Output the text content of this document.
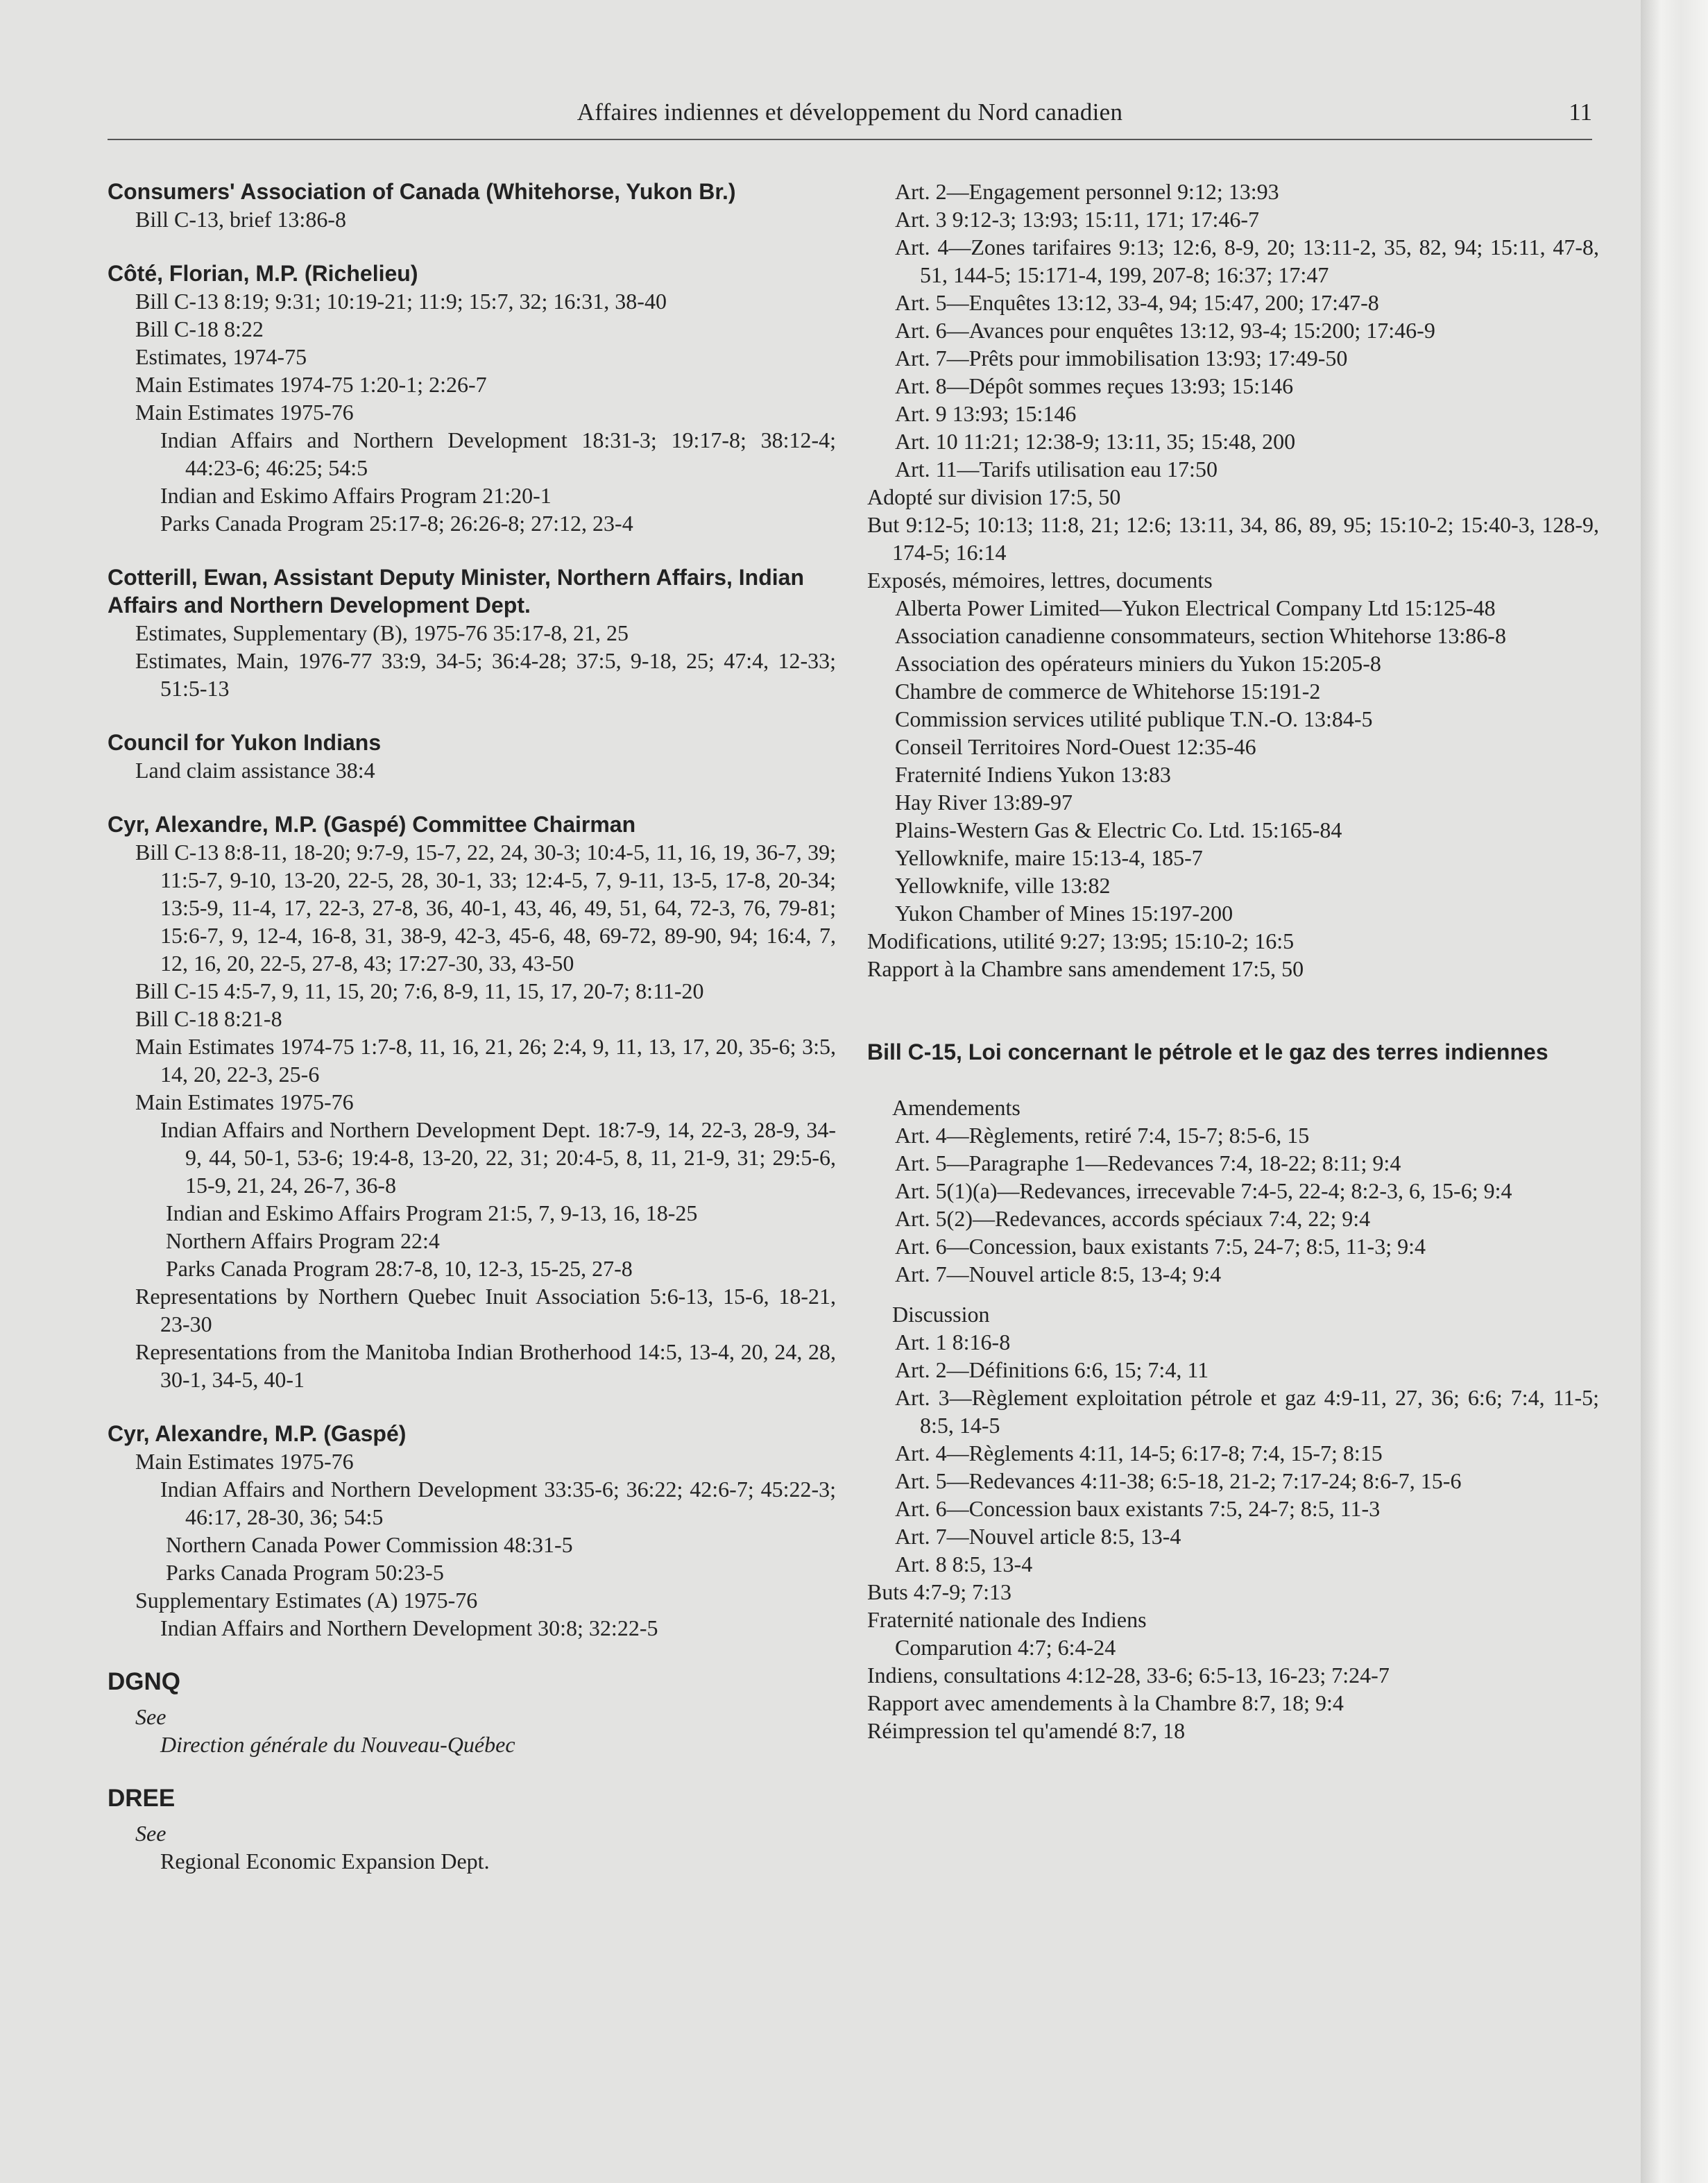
Affaires indiennes et développement du Nord canadien	11
Consumers' Association of Canada (Whitehorse, Yukon Br.)
Bill C-13, brief 13:86-8
Côté, Florian, M.P. (Richelieu)
Bill C-13 8:19; 9:31; 10:19-21; 11:9; 15:7, 32; 16:31, 38-40
Bill C-18 8:22
Estimates, 1974-75
Main Estimates 1974-75 1:20-1; 2:26-7
Main Estimates 1975-76
Indian Affairs and Northern Development 18:31-3; 19:17-8; 38:12-4; 44:23-6; 46:25; 54:5
Indian and Eskimo Affairs Program 21:20-1
Parks Canada Program 25:17-8; 26:26-8; 27:12, 23-4
Cotterill, Ewan, Assistant Deputy Minister, Northern Affairs, Indian Affairs and Northern Development Dept.
Estimates, Supplementary (B), 1975-76 35:17-8, 21, 25
Estimates, Main, 1976-77 33:9, 34-5; 36:4-28; 37:5, 9-18, 25; 47:4, 12-33; 51:5-13
Council for Yukon Indians
Land claim assistance 38:4
Cyr, Alexandre, M.P. (Gaspé) Committee Chairman
Bill C-13 8:8-11, 18-20; 9:7-9, 15-7, 22, 24, 30-3; 10:4-5, 11, 16, 19, 36-7, 39; 11:5-7, 9-10, 13-20, 22-5, 28, 30-1, 33; 12:4-5, 7, 9-11, 13-5, 17-8, 20-34; 13:5-9, 11-4, 17, 22-3, 27-8, 36, 40-1, 43, 46, 49, 51, 64, 72-3, 76, 79-81; 15:6-7, 9, 12-4, 16-8, 31, 38-9, 42-3, 45-6, 48, 69-72, 89-90, 94; 16:4, 7, 12, 16, 20, 22-5, 27-8, 43; 17:27-30, 33, 43-50
Bill C-15 4:5-7, 9, 11, 15, 20; 7:6, 8-9, 11, 15, 17, 20-7; 8:11-20
Bill C-18 8:21-8
Main Estimates 1974-75 1:7-8, 11, 16, 21, 26; 2:4, 9, 11, 13, 17, 20, 35-6; 3:5, 14, 20, 22-3, 25-6
Main Estimates 1975-76
Indian Affairs and Northern Development Dept. 18:7-9, 14, 22-3, 28-9, 34-9, 44, 50-1, 53-6; 19:4-8, 13-20, 22, 31; 20:4-5, 8, 11, 21-9, 31; 29:5-6, 15-9, 21, 24, 26-7, 36-8
Indian and Eskimo Affairs Program 21:5, 7, 9-13, 16, 18-25
Northern Affairs Program 22:4
Parks Canada Program 28:7-8, 10, 12-3, 15-25, 27-8
Representations by Northern Quebec Inuit Association 5:6-13, 15-6, 18-21, 23-30
Representations from the Manitoba Indian Brotherhood 14:5, 13-4, 20, 24, 28, 30-1, 34-5, 40-1
Cyr, Alexandre, M.P. (Gaspé)
Main Estimates 1975-76
Indian Affairs and Northern Development 33:35-6; 36:22; 42:6-7; 45:22-3; 46:17, 28-30, 36; 54:5
Northern Canada Power Commission 48:31-5
Parks Canada Program 50:23-5
Supplementary Estimates (A) 1975-76
Indian Affairs and Northern Development 30:8; 32:22-5
DGNQ
See
Direction générale du Nouveau-Québec
DREE
See
Regional Economic Expansion Dept.
Art. 2—Engagement personnel 9:12; 13:93
Art. 3 9:12-3; 13:93; 15:11, 171; 17:46-7
Art. 4—Zones tarifaires 9:13; 12:6, 8-9, 20; 13:11-2, 35, 82, 94; 15:11, 47-8, 51, 144-5; 15:171-4, 199, 207-8; 16:37; 17:47
Art. 5—Enquêtes 13:12, 33-4, 94; 15:47, 200; 17:47-8
Art. 6—Avances pour enquêtes 13:12, 93-4; 15:200; 17:46-9
Art. 7—Prêts pour immobilisation 13:93; 17:49-50
Art. 8—Dépôt sommes reçues 13:93; 15:146
Art. 9 13:93; 15:146
Art. 10 11:21; 12:38-9; 13:11, 35; 15:48, 200
Art. 11—Tarifs utilisation eau 17:50
Adopté sur division 17:5, 50
But 9:12-5; 10:13; 11:8, 21; 12:6; 13:11, 34, 86, 89, 95; 15:10-2; 15:40-3, 128-9, 174-5; 16:14
Exposés, mémoires, lettres, documents
Alberta Power Limited—Yukon Electrical Company Ltd 15:125-48
Association canadienne consommateurs, section Whitehorse 13:86-8
Association des opérateurs miniers du Yukon 15:205-8
Chambre de commerce de Whitehorse 15:191-2
Commission services utilité publique T.N.-O. 13:84-5
Conseil Territoires Nord-Ouest 12:35-46
Fraternité Indiens Yukon 13:83
Hay River 13:89-97
Plains-Western Gas & Electric Co. Ltd. 15:165-84
Yellowknife, maire 15:13-4, 185-7
Yellowknife, ville 13:82
Yukon Chamber of Mines 15:197-200
Modifications, utilité 9:27; 13:95; 15:10-2; 16:5
Rapport à la Chambre sans amendement 17:5, 50
Bill C-15, Loi concernant le pétrole et le gaz des terres indiennes
Amendements
Art. 4—Règlements, retiré 7:4, 15-7; 8:5-6, 15
Art. 5—Paragraphe 1—Redevances 7:4, 18-22; 8:11; 9:4
Art. 5(1)(a)—Redevances, irrecevable 7:4-5, 22-4; 8:2-3, 6, 15-6; 9:4
Art. 5(2)—Redevances, accords spéciaux 7:4, 22; 9:4
Art. 6—Concession, baux existants 7:5, 24-7; 8:5, 11-3; 9:4
Art. 7—Nouvel article 8:5, 13-4; 9:4
Discussion
Art. 1 8:16-8
Art. 2—Définitions 6:6, 15; 7:4, 11
Art. 3—Règlement exploitation pétrole et gaz 4:9-11, 27, 36; 6:6; 7:4, 11-5; 8:5, 14-5
Art. 4—Règlements 4:11, 14-5; 6:17-8; 7:4, 15-7; 8:15
Art. 5—Redevances 4:11-38; 6:5-18, 21-2; 7:17-24; 8:6-7, 15-6
Art. 6—Concession baux existants 7:5, 24-7; 8:5, 11-3
Art. 7—Nouvel article 8:5, 13-4
Art. 8 8:5, 13-4
Buts 4:7-9; 7:13
Fraternité nationale des Indiens
Comparution 4:7; 6:4-24
Indiens, consultations 4:12-28, 33-6; 6:5-13, 16-23; 7:24-7
Rapport avec amendements à la Chambre 8:7, 18; 9:4
Réimpression tel qu'amendé 8:7, 18
